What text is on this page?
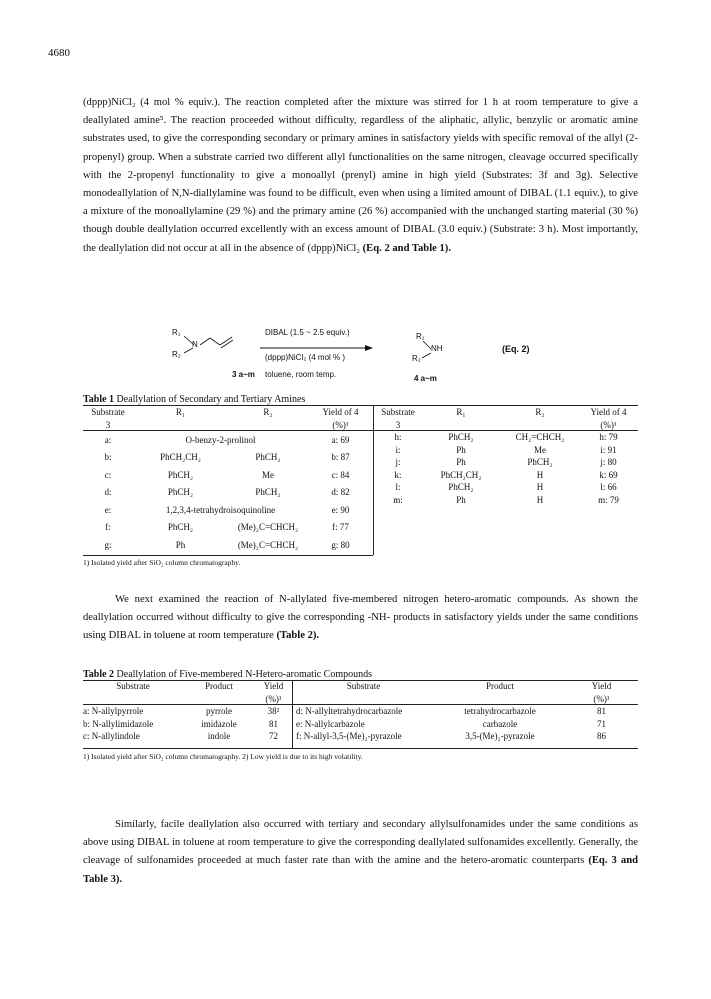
4680
(dppp)NiCl₂ (4 mol % equiv.). The reaction completed after the mixture was stirred for 1 h at room temperature to give a deallylated amine⁵. The reaction proceeded without difficulty, regardless of the aliphatic, allylic, benzylic or aromatic amine substrates used, to give the corresponding secondary or primary amines in satisfactory yields with specific removal of the allyl (2-propenyl) group. When a substrate carried two different allyl functionalities on the same nitrogen, cleavage occurred specifically with the 2-propenyl functionality to give a monoallyl (prenyl) amine in high yield (Substrates: 3f and 3g). Selective monodeallylation of N,N-diallylamine was found to be difficult, even when using a limited amount of DIBAL (1.1 equiv.), to give a mixture of the monoallylamine (29 %) and the primary amine (26 %) accompanied with the unchanged starting material (30 %) though double deallylation occurred excellently with an excess amount of DIBAL (3.0 equiv.) (Substrate: 3 h). Most importantly, the deallylation did not occur at all in the absence of (dppp)NiCl₂ (Eq. 2 and Table 1).
R₁
N
R₂
3 a~m
DIBAL (1.5 ~ 2.5 equiv.)
(dppp)NiCl₂ (4 mol % )
toluene, room temp.
R₁
NH
R₂
4 a~m
(Eq. 2)
Table 1 Deallylation of Secondary and Tertiary Amines
Substrate	R₁	R₂	Yield of 4
3			(%)¹
a:	O-benzy-2-prolinol		a: 69
b:	PhCH₂CH₂	PhCH₂	b: 87
c:	PhCH₂	Me	c: 84
d:	PhCH₂	PhCH₂	d: 82
e:	1,2,3,4-tetrahydroisoquinoline		e: 90
f:	PhCH₂	(Me)₂C=CHCH₂	f: 77
g:	Ph	(Me)₂C=CHCH₂	g: 80
Substrate	R₁	R₂	Yield of 4
3			(%)¹
h:	PhCH₂	CH₂=CHCH₂	h: 79
i:	Ph	Me	i: 91
j:	Ph	PhCH₂	j: 80
k:	PhCH₂CH₂	H	k: 69
l:	PhCH₂	H	l: 66
m:	Ph	H	m: 79
1) Isolated yield after SiO₂ column chromatography.
We next examined the reaction of N-allylated five-membered nitrogen hetero-aromatic compounds. As shown the deallylation occurred without difficulty to give the corresponding -NH- products in satisfactory yields under the same conditions using DIBAL in toluene at room temperature (Table 2).
Table 2 Deallylation of Five-membered N-Hetero-aromatic Compounds
Substrate	Product	Yield	Substrate	Product	Yield
		(%)¹			(%)¹
a: N-allylpyrrole	pyrrole	38²	d: N-allyltetrahydrocarbazole	tetrahydrocarbazole	81
b: N-allylimidazole	imidazole	81	e: N-allylcarbazole	carbazole	71
c: N-allylindole	indole	72	f: N-allyl-3,5-(Me)₂-pyrazole	3,5-(Me)₂-pyrazole	86
1) Isolated yield after SiO₂ column chromatography. 2) Low yield is due to its high volatility.
Similarly, facile deallylation also occurred with tertiary and secondary allylsulfonamides under the same conditions as above using DIBAL in toluene at room temperature to give the corresponding deallylated sulfonamides excellently. Generally, the cleavage of sulfonamides proceeded at much faster rate than with the amine and the hetero-aromatic counterparts (Eq. 3 and Table 3).
